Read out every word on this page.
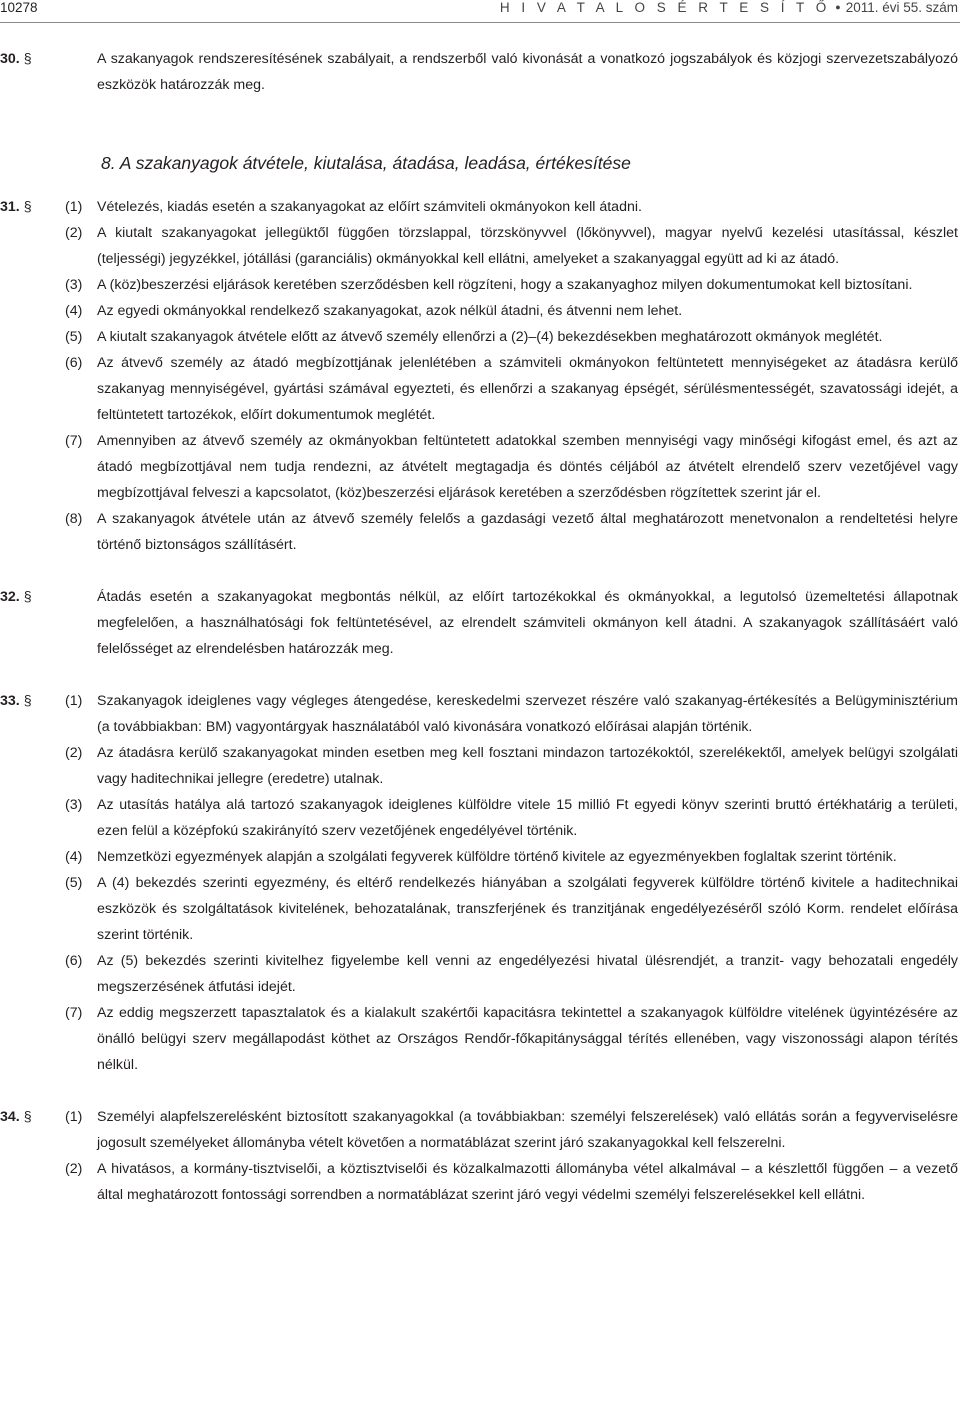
10278	H I V A T A L O S É R T E S Í T Ő ● 2011. évi 55. szám
30. §	A szakanyagok rendszeresítésének szabályait, a rendszerből való kivonását a vonatkozó jogszabályok és közjogi szervezetszabályozó eszközök határozzák meg.

8. A szakanyagok átvétele, kiutalása, átadása, leadása, értékesítése
31. § (1) Vételezés, kiadás esetén a szakanyagokat az előírt számviteli okmányokon kell átadni.

(2) A kiutalt szakanyagokat jellegüktől függően törzslappal, törzskönyvvel (lőkönyvvel), magyar nyelvű kezelési utasítással, készlet (teljességi) jegyzékkel, jótállási (garanciális) okmányokkal kell ellátni, amelyeket a szakanyaggal együtt ad ki az átadó.

(3) A (köz)beszerzési eljárások keretében szerződésben kell rögzíteni, hogy a szakanyaghoz milyen dokumentumokat kell biztosítani.

(4) Az egyedi okmányokkal rendelkező szakanyagokat, azok nélkül átadni, és átvenni nem lehet.

(5) A kiutalt szakanyagok átvétele előtt az átvevő személy ellenőrzi a (2)–(4) bekezdésekben meghatározott okmányok meglétét.

(6) Az átvevő személy az átadó megbízottjának jelenlétében a számviteli okmányokon feltüntetett mennyiségeket az átadásra kerülő szakanyag mennyiségével, gyártási számával egyezteti, és ellenőrzi a szakanyag épségét, sérülésmentességét, szavatossági idejét, a feltüntetett tartozékok, előírt dokumentumok meglétét.

(7) Amennyiben az átvevő személy az okmányokban feltüntetett adatokkal szemben mennyiségi vagy minőségi kifogást emel, és azt az átadó megbízottjával nem tudja rendezni, az átvételt megtagadja és döntés céljából az átvételt elrendelő szerv vezetőjével vagy megbízottjával felveszi a kapcsolatot, (köz)beszerzési eljárások keretében a szerződésben rögzítettek szerint jár el.

(8) A szakanyagok átvétele után az átvevő személy felelős a gazdasági vezető által meghatározott menetvonalon a rendeltetési helyre történő biztonságos szállításért.

32. §	Átadás esetén a szakanyagokat megbontás nélkül, az előírt tartozékokkal és okmányokkal, a legutolsó üzemeltetési állapotnak megfelelően, a használhatósági fok feltüntetésével, az elrendelt számviteli okmányon kell átadni. A szakanyagok szállításáért való felelősséget az elrendelésben határozzák meg.

33. § (1) Szakanyagok ideiglenes vagy végleges átengedése, kereskedelmi szervezet részére való szakanyag-értékesítés a Belügyminisztérium (a továbbiakban: BM) vagyontárgyak használatából való kivonására vonatkozó előírásai alapján történik.

(2) Az átadásra kerülő szakanyagokat minden esetben meg kell fosztani mindazon tartozékoktól, szerelékektől, amelyek belügyi szolgálati vagy haditechnikai jellegre (eredetre) utalnak.

(3) Az utasítás hatálya alá tartozó szakanyagok ideiglenes külföldre vitele 15 millió Ft egyedi könyv szerinti bruttó értékhatárig a területi, ezen felül a középfokú szakirányító szerv vezetőjének engedélyével történik.

(4) Nemzetközi egyezmények alapján a szolgálati fegyverek külföldre történő kivitele az egyezményekben foglaltak szerint történik.

(5) A (4) bekezdés szerinti egyezmény, és eltérő rendelkezés hiányában a szolgálati fegyverek külföldre történő kivitele a haditechnikai eszközök és szolgáltatások kivitelének, behozatalának, transzferjének és tranzitjának engedélyezéséről szóló Korm. rendelet előírása szerint történik.

(6) Az (5) bekezdés szerinti kivitelhez figyelembe kell venni az engedélyezési hivatal ülésrendjét, a tranzit- vagy behozatali engedély megszerzésének átfutási idejét.

(7) Az eddig megszerzett tapasztalatok és a kialakult szakértői kapacitásra tekintettel a szakanyagok külföldre vitelének ügyintézésére az önálló belügyi szerv megállapodást köthet az Országos Rendőr-főkapitánysággal térítés ellenében, vagy viszonossági alapon térítés nélkül.

34. § (1) Személyi alapfelszerelésként biztosított szakanyagokkal (a továbbiakban: személyi felszerelések) való ellátás során a fegyverviselésre jogosult személyeket állományba vételt követően a normatáblázat szerint járó szakanyagokkal kell felszerelni.

(2) A hivatásos, a kormány-tisztviselői, a köztisztviselői és közalkalmazotti állományba vétel alkalmával – a készlettől függően – a vezető által meghatározott fontossági sorrendben a normatáblázat szerint járó vegyi védelmi személyi felszerelésekkel kell ellátni.
